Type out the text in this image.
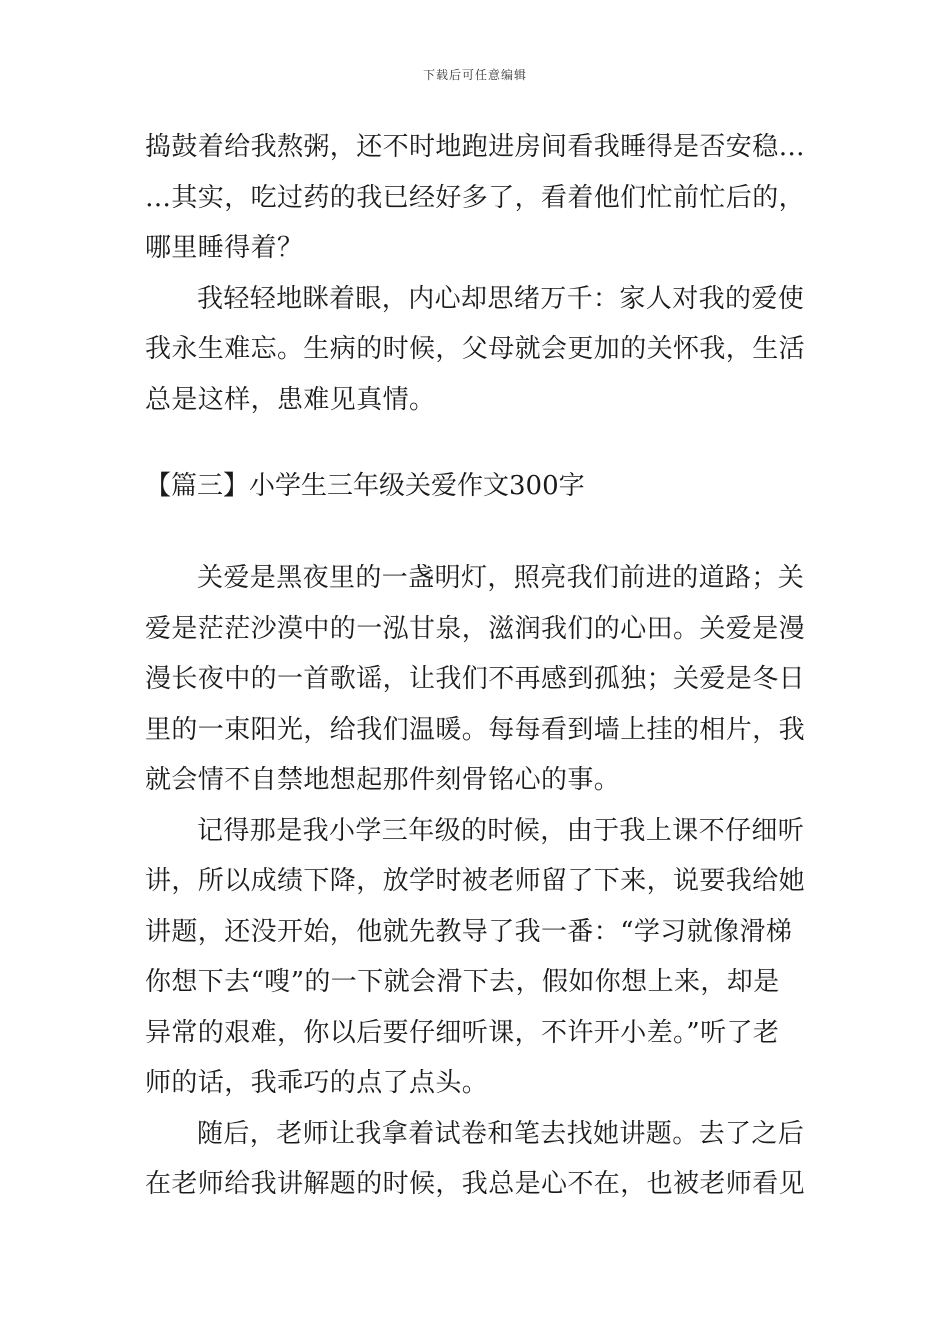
下载后可任意编辑
捣鼓着给我熬粥，还不时地跑进房间看我睡得是否安稳…
…其实，吃过药的我已经好多了，看着他们忙前忙后的，
哪里睡得着？
我轻轻地眯着眼，内心却思绪万千：家人对我的爱使
我永生难忘。生病的时候，父母就会更加的关怀我，生活
总是这样，患难见真情。
【篇三】小学生三年级关爱作文300字
关爱是黑夜里的一盏明灯，照亮我们前进的道路；关
爱是茫茫沙漠中的一泓甘泉，滋润我们的心田。关爱是漫
漫长夜中的一首歌谣，让我们不再感到孤独；关爱是冬日
里的一束阳光，给我们温暖。每每看到墙上挂的相片，我
就会情不自禁地想起那件刻骨铭心的事。
记得那是我小学三年级的时候，由于我上课不仔细听
讲，所以成绩下降，放学时被老师留了下来，说要我给她
讲题，还没开始，他就先教导了我一番：“学习就像滑梯
你想下去“嗖”的一下就会滑下去，假如你想上来，却是
异常的艰难，你以后要仔细听课，不许开小差。”听了老
师的话，我乖巧的点了点头。
随后，老师让我拿着试卷和笔去找她讲题。去了之后
在老师给我讲解题的时候，我总是心不在，也被老师看见
